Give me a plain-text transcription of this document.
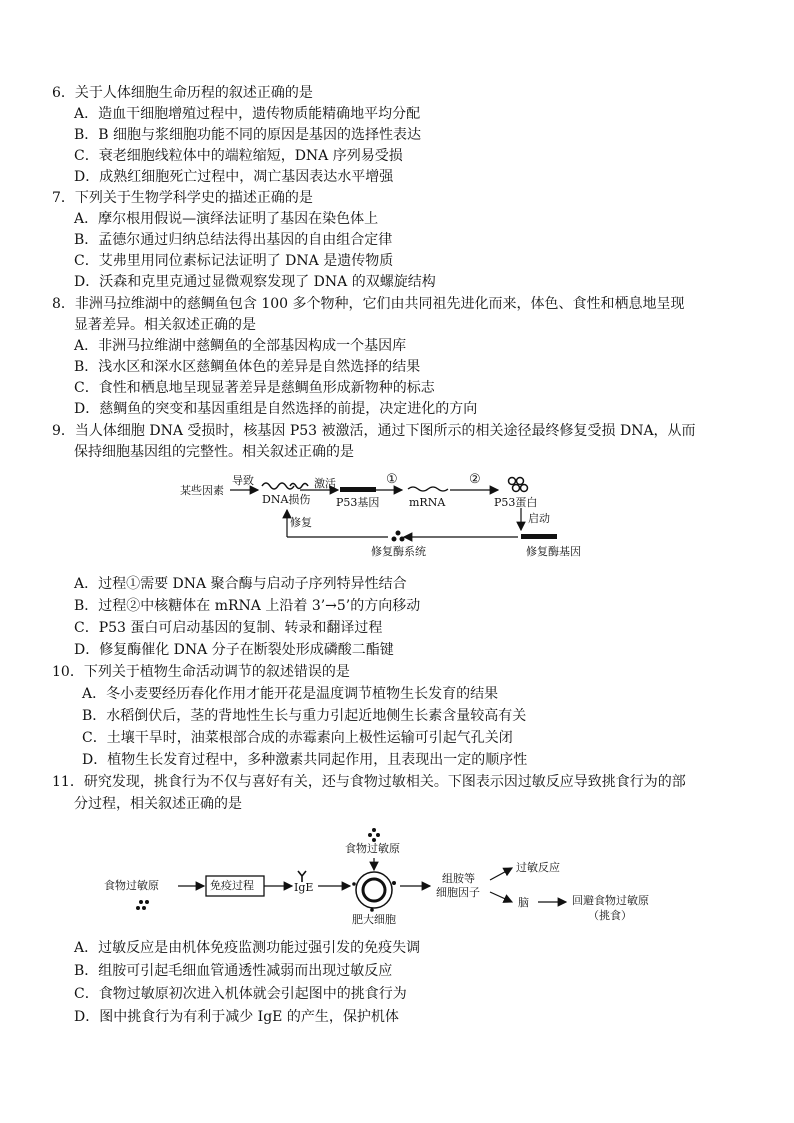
6．关于人体细胞生命历程的叙述正确的是
A．造血干细胞增殖过程中，遗传物质能精确地平均分配
B．B 细胞与浆细胞功能不同的原因是基因的选择性表达
C．衰老细胞线粒体中的端粒缩短，DNA 序列易受损
D．成熟红细胞死亡过程中，凋亡基因表达水平增强
7．下列关于生物学科学史的描述正确的是
A．摩尔根用假说—演绎法证明了基因在染色体上
B．孟德尔通过归纳总结法得出基因的自由组合定律
C．艾弗里用同位素标记法证明了 DNA 是遗传物质
D．沃森和克里克通过显微观察发现了 DNA 的双螺旋结构
8．非洲马拉维湖中的慈鲷鱼包含 100 多个物种，它们由共同祖先进化而来，体色、食性和栖息地呈现
显著差异。相关叙述正确的是
A．非洲马拉维湖中慈鲷鱼的全部基因构成一个基因库
B．浅水区和深水区慈鲷鱼体色的差异是自然选择的结果
C．食性和栖息地呈现显著差异是慈鲷鱼形成新物种的标志
D．慈鲷鱼的突变和基因重组是自然选择的前提，决定进化的方向
9．当人体细胞 DNA 受损时，核基因 P53 被激活，通过下图所示的相关途径最终修复受损 DNA，从而
保持细胞基因组的完整性。相关叙述正确的是
某些因素
导致
DNA损伤
激活
P53基因
①
mRNA
②
P53蛋白
启动
修复
修复酶系统	修复酶基因
A．过程①需要 DNA 聚合酶与启动子序列特异性结合
B．过程②中核糖体在 mRNA 上沿着 3’→5’的方向移动
C．P53 蛋白可启动基因的复制、转录和翻译过程
D．修复酶催化 DNA 分子在断裂处形成磷酸二酯键
10．下列关于植物生命活动调节的叙述错误的是
A．冬小麦要经历春化作用才能开花是温度调节植物生长发育的结果
B．水稻倒伏后，茎的背地性生长与重力引起近地侧生长素含量较高有关
C．土壤干旱时，油菜根部合成的赤霉素向上极性运输可引起气孔关闭
D．植物生长发育过程中，多种激素共同起作用，且表现出一定的顺序性
11．研究发现，挑食行为不仅与喜好有关，还与食物过敏相关。下图表示因过敏反应导致挑食行为的部
分过程，相关叙述正确的是
食物过敏原	免疫过程	IgE
食物过敏原
肥大细胞
组胺等
细胞因子
过敏反应
脑	回避食物过敏原
（挑食）
A．过敏反应是由机体免疫监测功能过强引发的免疫失调
B．组胺可引起毛细血管通透性减弱而出现过敏反应
C．食物过敏原初次进入机体就会引起图中的挑食行为
D．图中挑食行为有利于减少 IgE 的产生，保护机体
